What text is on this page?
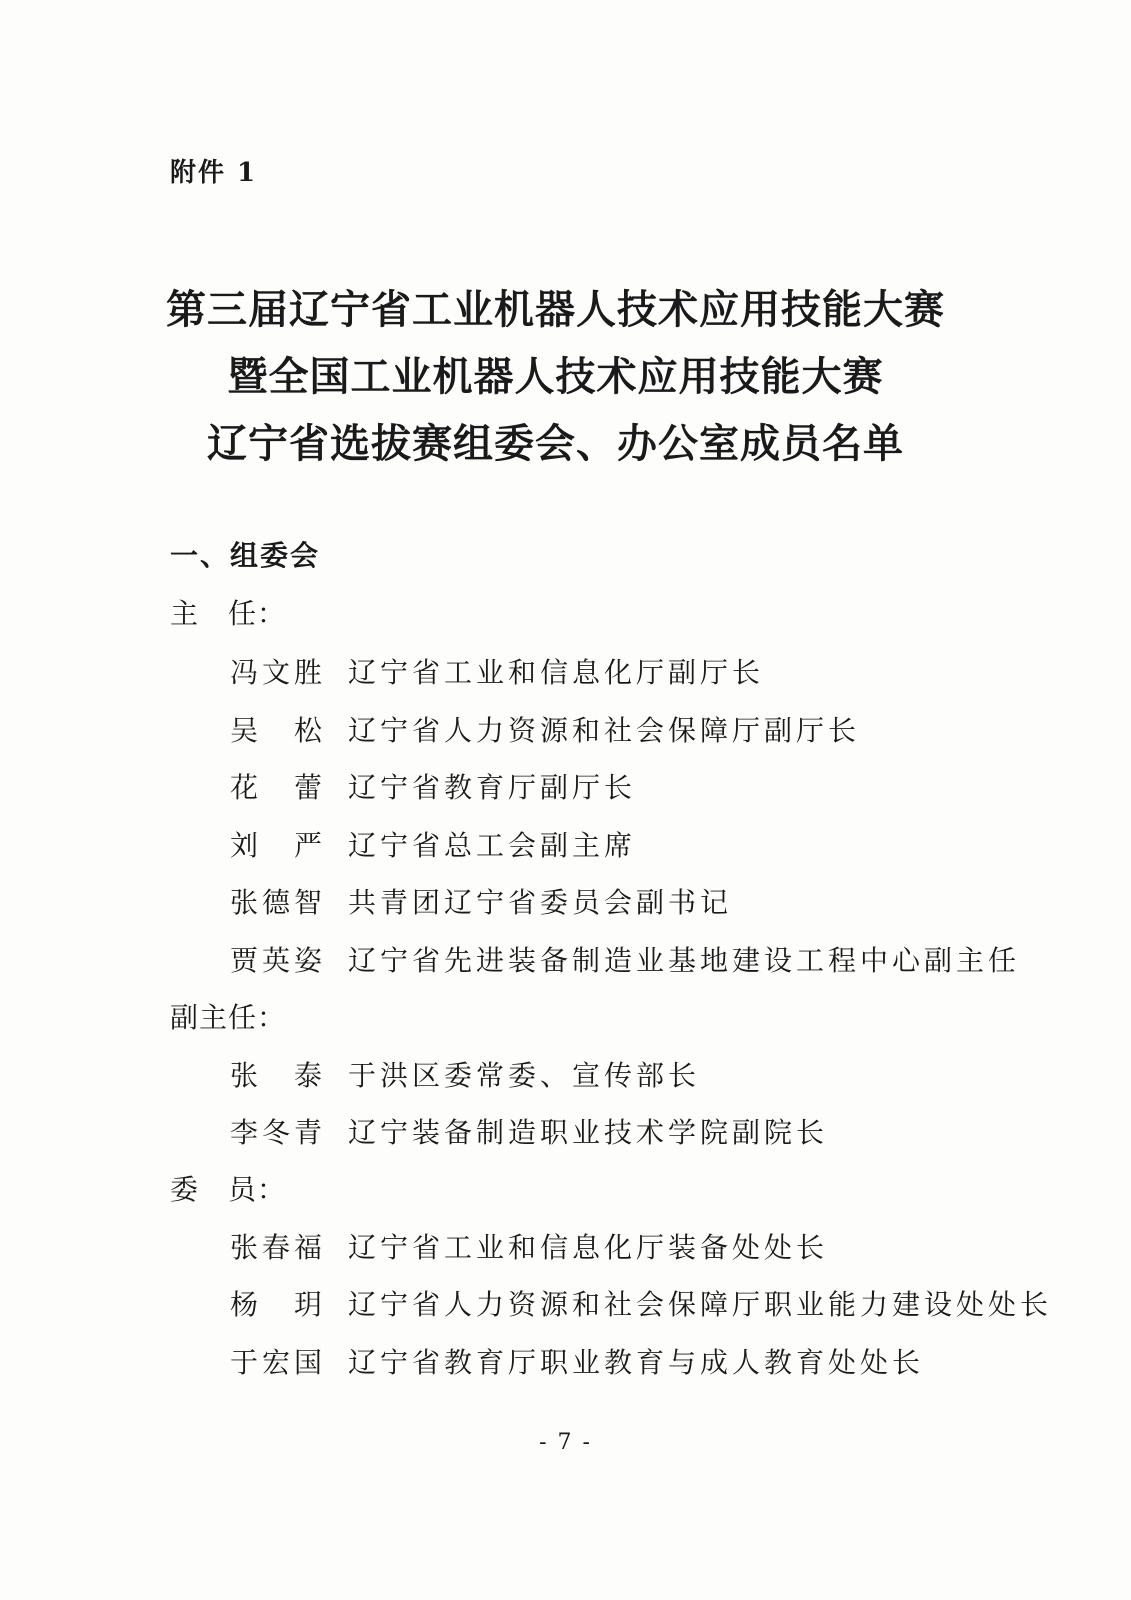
附件 1
第三届辽宁省工业机器人技术应用技能大赛
暨全国工业机器人技术应用技能大赛
辽宁省选拔赛组委会、办公室成员名单
一、组委会
主　任：
冯文胜 辽宁省工业和信息化厅副厅长
吴　松 辽宁省人力资源和社会保障厅副厅长
花　蕾 辽宁省教育厅副厅长
刘　严 辽宁省总工会副主席
张德智 共青团辽宁省委员会副书记
贾英姿 辽宁省先进装备制造业基地建设工程中心副主任
副主任：
张　泰 于洪区委常委、宣传部长
李冬青 辽宁装备制造职业技术学院副院长
委　员：
张春福 辽宁省工业和信息化厅装备处处长
杨　玥 辽宁省人力资源和社会保障厅职业能力建设处处长
于宏国 辽宁省教育厅职业教育与成人教育处处长
- 7 -
